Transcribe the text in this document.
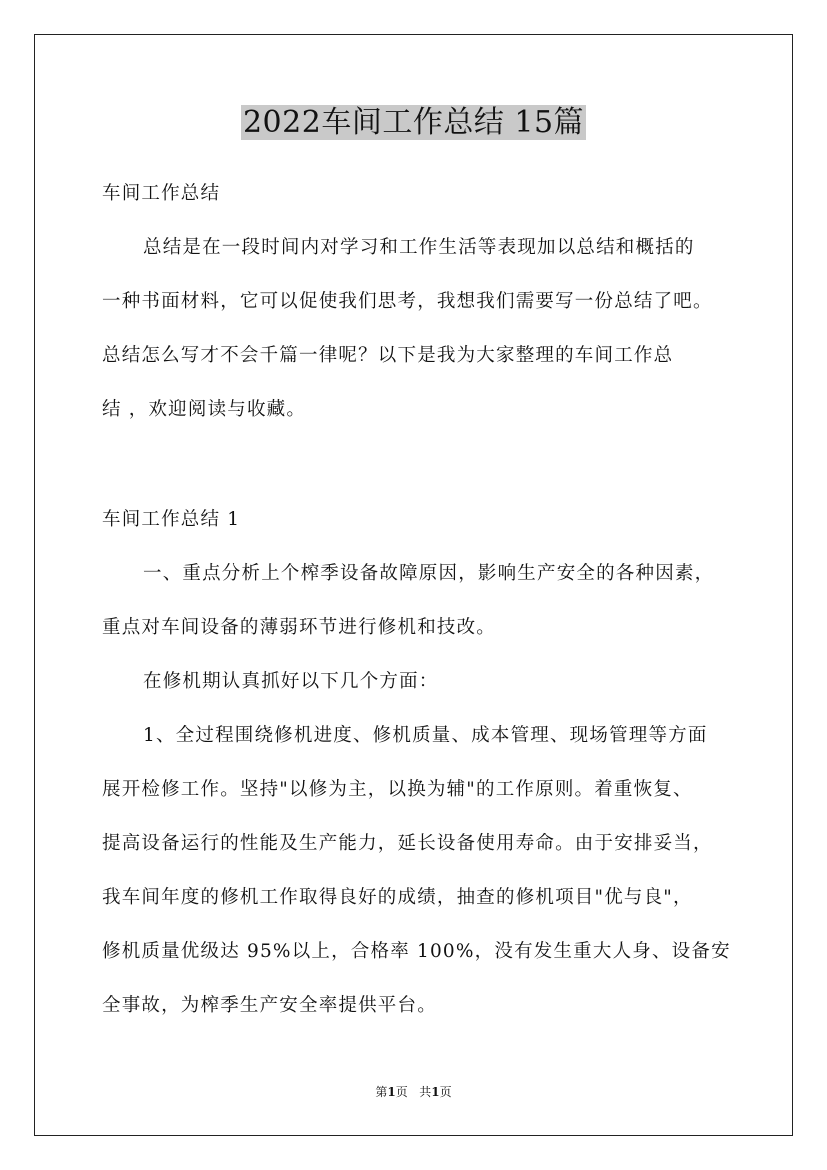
2022车间工作总结 15篇
车间工作总结
总结是在一段时间内对学习和工作生活等表现加以总结和概括的
一种书面材料，它可以促使我们思考，我想我们需要写一份总结了吧。
总结怎么写才不会千篇一律呢？以下是我为大家整理的车间工作总
结 ，欢迎阅读与收藏。
车间工作总结 1
一、重点分析上个榨季设备故障原因，影响生产安全的各种因素，
重点对车间设备的薄弱环节进行修机和技改。
在修机期认真抓好以下几个方面：
1、全过程围绕修机进度、修机质量、成本管理、现场管理等方面
展开检修工作。坚持"以修为主，以换为辅"的工作原则。着重恢复、
提高设备运行的性能及生产能力，延长设备使用寿命。由于安排妥当，
我车间年度的修机工作取得良好的成绩，抽查的修机项目"优与良"，
修机质量优级达 95%以上，合格率 100%，没有发生重大人身、设备安
全事故，为榨季生产安全率提供平台。
第1页 共1页
